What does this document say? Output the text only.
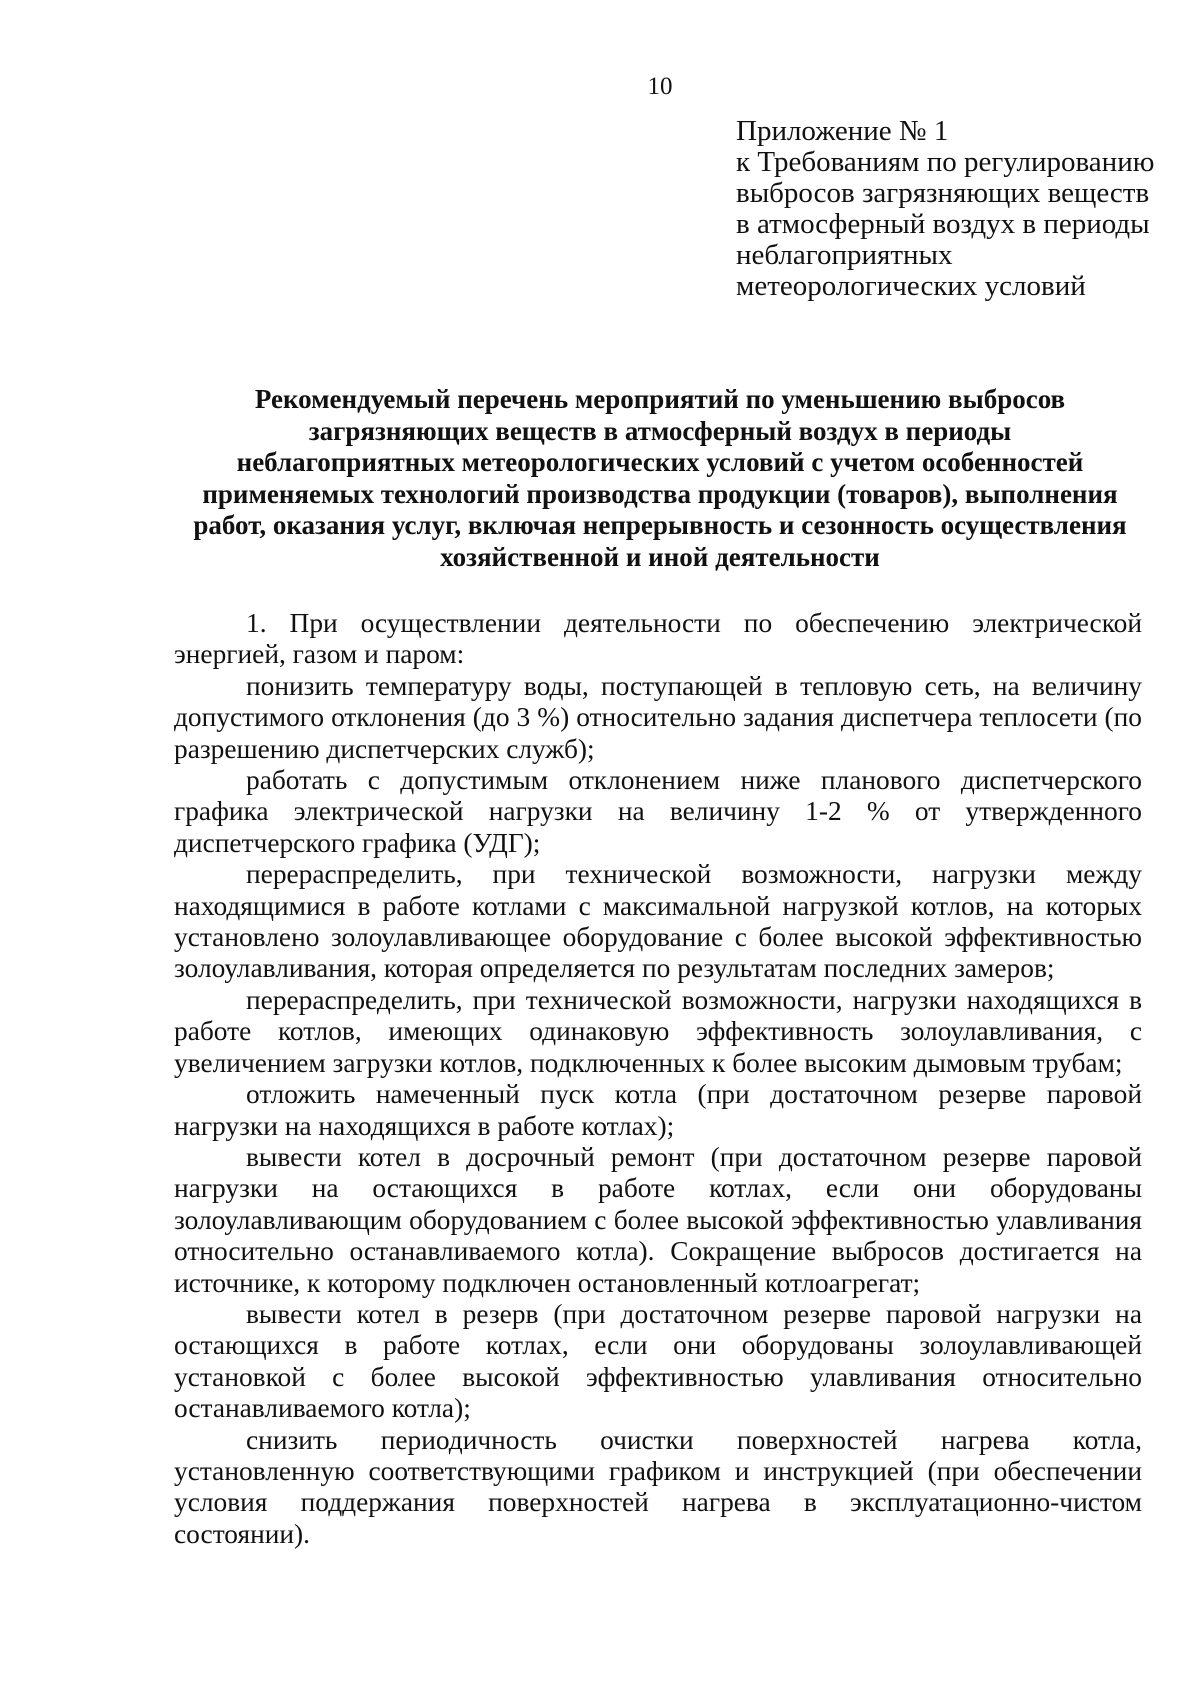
10
Приложение № 1
к Требованиям по регулированию
выбросов загрязняющих веществ
в атмосферный воздух в периоды
неблагоприятных
метеорологических условий
Рекомендуемый перечень мероприятий по уменьшению выбросов
загрязняющих веществ в атмосферный воздух в периоды
неблагоприятных метеорологических условий с учетом особенностей
применяемых технологий производства продукции (товаров), выполнения
работ, оказания услуг, включая непрерывность и сезонность осуществления
хозяйственной и иной деятельности

1. При осуществлении деятельности по обеспечению электрической энергией, газом и паром:

понизить температуру воды, поступающей в тепловую сеть, на величину допустимого отклонения (до 3 %) относительно задания диспетчера теплосети (по разрешению диспетчерских служб);

работать с допустимым отклонением ниже планового диспетчерского графика электрической нагрузки на величину 1-2 % от утвержденного диспетчерского графика (УДГ);

перераспределить, при технической возможности, нагрузки между находящимися в работе котлами с максимальной нагрузкой котлов, на которых установлено золоулавливающее оборудование с более высокой эффективностью золоулавливания, которая определяется по результатам последних замеров;

перераспределить, при технической возможности, нагрузки находящихся в работе котлов, имеющих одинаковую эффективность золоулавливания, с увеличением загрузки котлов, подключенных к более высоким дымовым трубам;

отложить намеченный пуск котла (при достаточном резерве паровой нагрузки на находящихся в работе котлах);

вывести котел в досрочный ремонт (при достаточном резерве паровой нагрузки на остающихся в работе котлах, если они оборудованы золоулавливающим оборудованием с более высокой эффективностью улавливания относительно останавливаемого котла). Сокращение выбросов достигается на источнике, к которому подключен остановленный котлоагрегат;

вывести котел в резерв (при достаточном резерве паровой нагрузки на остающихся в работе котлах, если они оборудованы золоулавливающей установкой с более высокой эффективностью улавливания относительно останавливаемого котла);

снизить периодичность очистки поверхностей нагрева котла, установленную соответствующими графиком и инструкцией (при обеспечении условия поддержания поверхностей нагрева в эксплуатационно-чистом состоянии).
